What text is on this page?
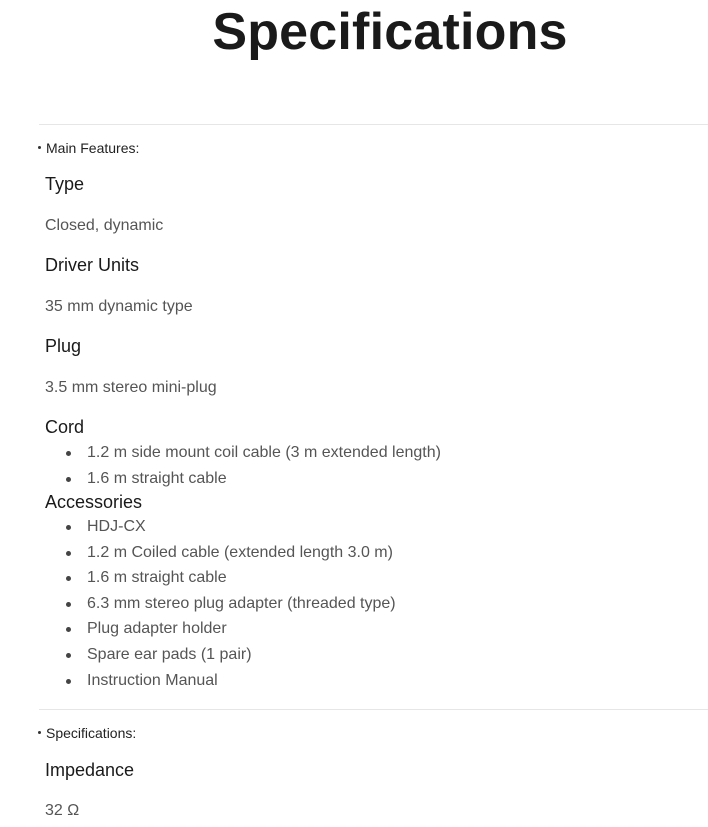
Specifications
Main Features:
Type
Closed, dynamic
Driver Units
35 mm dynamic type
Plug
3.5 mm stereo mini-plug
Cord
1.2 m side mount coil cable (3 m extended length)
1.6 m straight cable
Accessories
HDJ-CX
1.2 m Coiled cable (extended length 3.0 m)
1.6 m straight cable
6.3 mm stereo plug adapter (threaded type)
Plug adapter holder
Spare ear pads (1 pair)
Instruction Manual
Specifications:
Impedance
32 Ω
